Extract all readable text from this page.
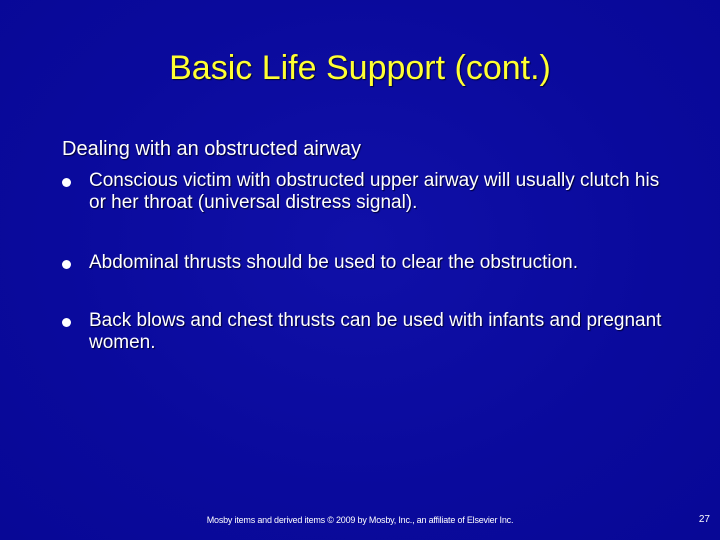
Basic Life Support (cont.)
Dealing with an obstructed airway
Conscious victim with obstructed upper airway will usually clutch his or her throat (universal distress signal).
Abdominal thrusts should be used to clear the obstruction.
Back blows and chest thrusts can be used with infants and pregnant women.
Mosby items and derived items © 2009 by Mosby, Inc., an affiliate of Elsevier Inc.	27
